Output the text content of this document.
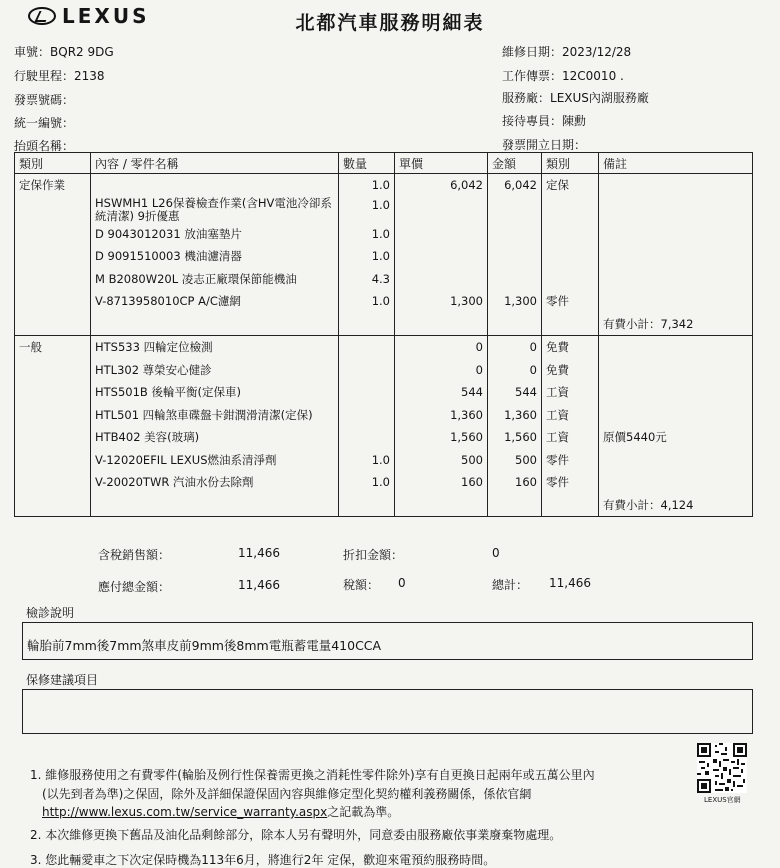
LEXUS	北都汽車服務明細表
車號：BQR2 9DG
行駛里程：2138
發票號碼：
統一編號：
抬頭名稱：
維修日期：2023/12/28
工作傳票：12C0010 .
服務廠：LEXUS內湖服務廠
接待專員：陳勳
發票開立日期：
類別	內容 / 零件名稱	數量	單價	金額	類別	備註
定保作業		1.0	6,042	6,042	定保	
	HSWMH1 L26保養檢查作業(含HV電池冷卻系統清潔) 9折優惠	1.0				
	D 9043012031 放油塞墊片	1.0				
	D 9091510003 機油濾清器	1.0				
	M B2080W20L 凌志正廠環保節能機油	4.3				
	V-8713958010CP A/C濾網	1.0	1,300	1,300	零件	
						有費小計：7,342
一般	HTS533 四輪定位檢測		0	0	免費	
	HTL302 尊榮安心健診		0	0	免費	
	HTS501B 後輪平衡(定保車)		544	544	工資	
	HTL501 四輪煞車碟盤卡鉗潤滑清潔(定保)		1,360	1,360	工資	
	HTB402 美容(玻璃)		1,560	1,560	工資	原價5440元
	V-12020EFIL LEXUS燃油系清淨劑	1.0	500	500	零件	
	V-20020TWR 汽油水份去除劑	1.0	160	160	零件	
						有費小計：4,124
含稅銷售額：	11,466	折扣金額：	0
應付總金額：	11,466	稅額： 0	總計： 11,466
檢診說明
輪胎前7mm後7mm煞車皮前9mm後8mm電瓶蓄電量410CCA
保修建議項目
1. 維修服務使用之有費零件(輪胎及例行性保養需更換之消耗性零件除外)享有自更換日起兩年或五萬公里內
(以先到者為準)之保固，除外及詳細保證保固內容與維修定型化契約權利義務關係，係依官網
http://www.lexus.com.tw/service_warranty.aspx之記載為準。
2. 本次維修更換下舊品及油化品剩餘部分，除本人另有聲明外，同意委由服務廠依事業廢棄物處理。
3. 您此輛愛車之下次定保時機為113年6月，將進行2年 定保，歡迎來電預約服務時間。
LEXUS官網
